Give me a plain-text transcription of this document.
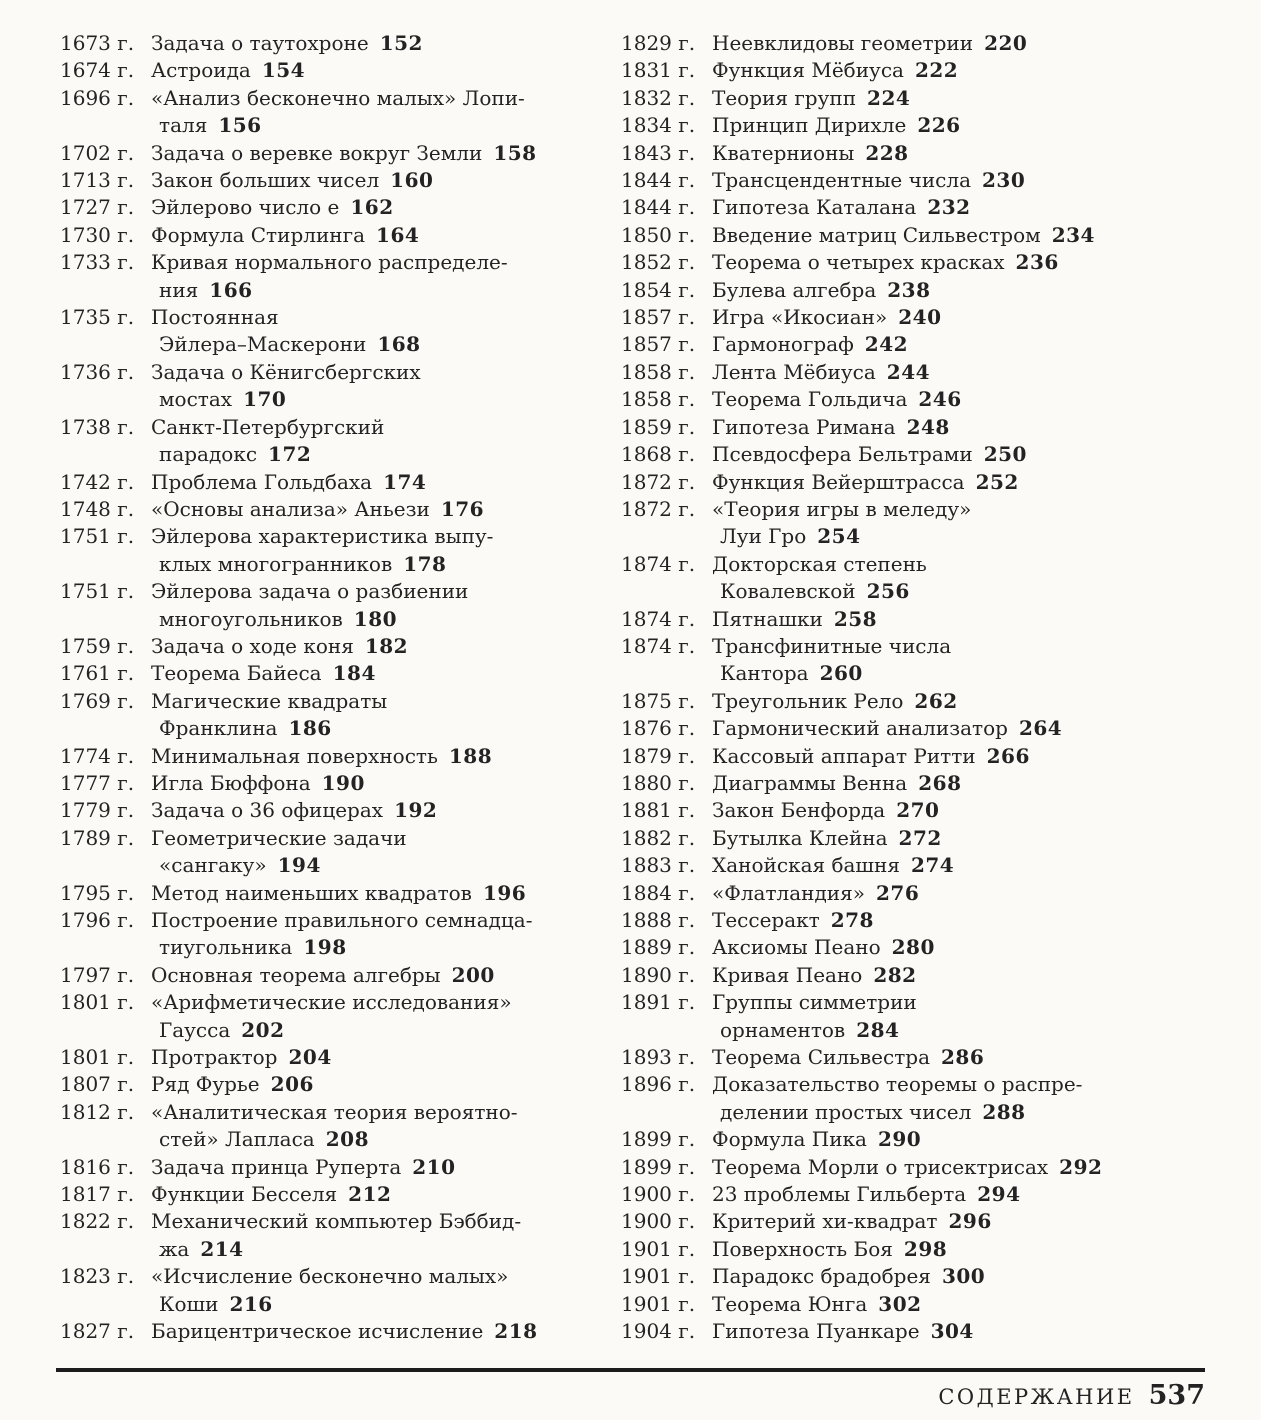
1673 г. Задача о таутохроне 152
1674 г. Астроида 154
1696 г. «Анализ бесконечно малых» Лопи-
таля 156
1702 г. Задача о веревке вокруг Земли 158
1713 г. Закон больших чисел 160
1727 г. Эйлерово число e 162
1730 г. Формула Стирлинга 164
1733 г. Кривая нормального распределе-
ния 166
1735 г. Постоянная
Эйлера–Маскерони 168
1736 г. Задача о Кёнигсбергских
мостах 170
1738 г. Санкт-Петербургский
парадокс 172
1742 г. Проблема Гольдбаха 174
1748 г. «Основы анализа» Аньези 176
1751 г. Эйлерова характеристика выпу-
клых многогранников 178
1751 г. Эйлерова задача о разбиении
многоугольников 180
1759 г. Задача о ходе коня 182
1761 г. Теорема Байеса 184
1769 г. Магические квадраты
Франклина 186
1774 г. Минимальная поверхность 188
1777 г. Игла Бюффона 190
1779 г. Задача о 36 офицерах 192
1789 г. Геометрические задачи
«сангаку» 194
1795 г. Метод наименьших квадратов 196
1796 г. Построение правильного семнадца-
тиугольника 198
1797 г. Основная теорема алгебры 200
1801 г. «Арифметические исследования»
Гаусса 202
1801 г. Протрактор 204
1807 г. Ряд Фурье 206
1812 г. «Аналитическая теория вероятно-
стей» Лапласа 208
1816 г. Задача принца Руперта 210
1817 г. Функции Бесселя 212
1822 г. Механический компьютер Бэббид-
жа 214
1823 г. «Исчисление бесконечно малых»
Коши 216
1827 г. Барицентрическое исчисление 218
1829 г. Неевклидовы геометрии 220
1831 г. Функция Мёбиуса 222
1832 г. Теория групп 224
1834 г. Принцип Дирихле 226
1843 г. Кватернионы 228
1844 г. Трансцендентные числа 230
1844 г. Гипотеза Каталана 232
1850 г. Введение матриц Сильвестром 234
1852 г. Теорема о четырех красках 236
1854 г. Булева алгебра 238
1857 г. Игра «Икосиан» 240
1857 г. Гармонограф 242
1858 г. Лента Мёбиуса 244
1858 г. Теорема Гольдича 246
1859 г. Гипотеза Римана 248
1868 г. Псевдосфера Бельтрами 250
1872 г. Функция Вейерштрасса 252
1872 г. «Теория игры в меледу»
Луи Гро 254
1874 г. Докторская степень
Ковалевской 256
1874 г. Пятнашки 258
1874 г. Трансфинитные числа
Кантора 260
1875 г. Треугольник Рело 262
1876 г. Гармонический анализатор 264
1879 г. Кассовый аппарат Ритти 266
1880 г. Диаграммы Венна 268
1881 г. Закон Бенфорда 270
1882 г. Бутылка Клейна 272
1883 г. Ханойская башня 274
1884 г. «Флатландия» 276
1888 г. Тессеракт 278
1889 г. Аксиомы Пеано 280
1890 г. Кривая Пеано 282
1891 г. Группы симметрии
орнаментов 284
1893 г. Теорема Сильвестра 286
1896 г. Доказательство теоремы о распре-
делении простых чисел 288
1899 г. Формула Пика 290
1899 г. Теорема Морли о трисектрисах 292
1900 г. 23 проблемы Гильберта 294
1900 г. Критерий хи-квадрат 296
1901 г. Поверхность Боя 298
1901 г. Парадокс брадобрея 300
1901 г. Теорема Юнга 302
1904 г. Гипотеза Пуанкаре 304
СОДЕРЖАНИЕ 537
